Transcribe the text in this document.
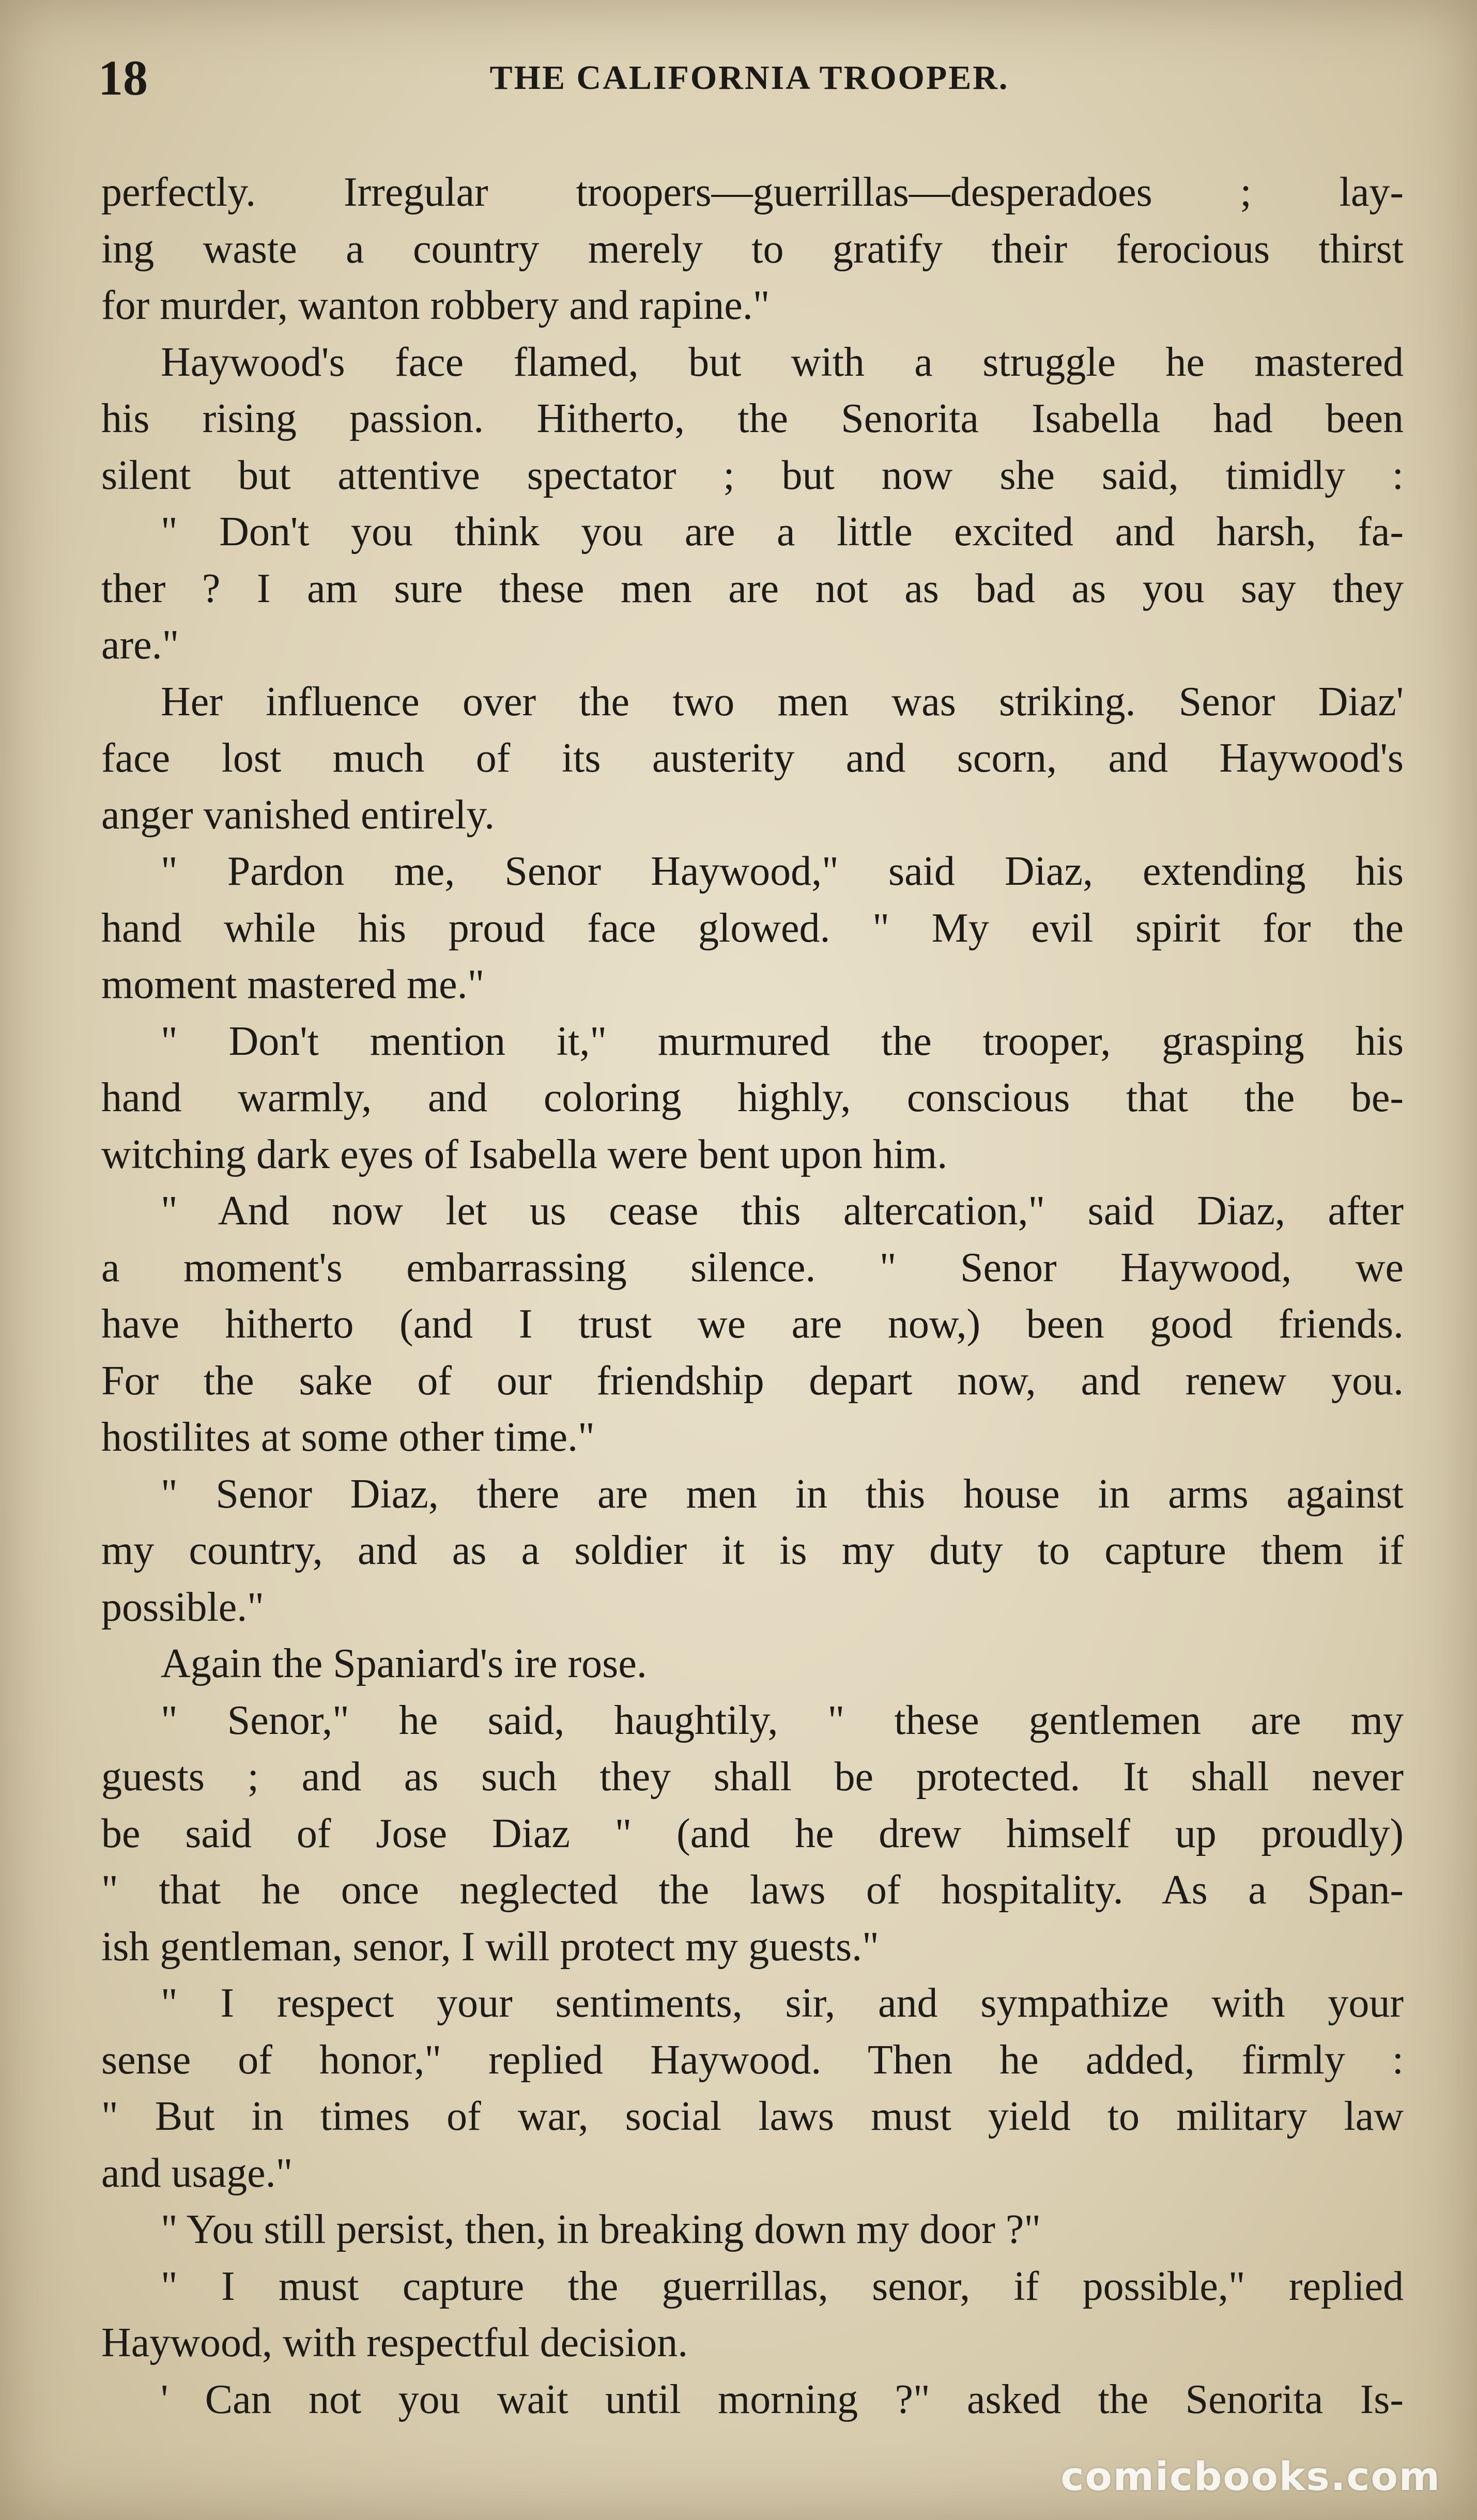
18	THE CALIFORNIA TROOPER.
perfectly. Irregular troopers—guerrillas—desperadoes ; lay-
ing waste a country merely to gratify their ferocious thirst
for murder, wanton robbery and rapine."
Haywood's face flamed, but with a struggle he mastered
his rising passion. Hitherto, the Senorita Isabella had been
silent but attentive spectator ; but now she said, timidly :
" Don't you think you are a little excited and harsh, fa-
ther ? I am sure these men are not as bad as you say they
are."
Her influence over the two men was striking. Senor Diaz'
face lost much of its austerity and scorn, and Haywood's
anger vanished entirely.
" Pardon me, Senor Haywood," said Diaz, extending his
hand while his proud face glowed. " My evil spirit for the
moment mastered me."
" Don't mention it," murmured the trooper, grasping his
hand warmly, and coloring highly, conscious that the be-
witching dark eyes of Isabella were bent upon him.
" And now let us cease this altercation," said Diaz, after
a moment's embarrassing silence. " Senor Haywood, we
have hitherto (and I trust we are now,) been good friends.
For the sake of our friendship depart now, and renew you.
hostilites at some other time."
" Senor Diaz, there are men in this house in arms against
my country, and as a soldier it is my duty to capture them if
possible."
Again the Spaniard's ire rose.
" Senor," he said, haughtily, " these gentlemen are my
guests ; and as such they shall be protected. It shall never
be said of Jose Diaz " (and he drew himself up proudly)
" that he once neglected the laws of hospitality. As a Span-
ish gentleman, senor, I will protect my guests."
" I respect your sentiments, sir, and sympathize with your
sense of honor," replied Haywood. Then he added, firmly :
" But in times of war, social laws must yield to military law
and usage."
" You still persist, then, in breaking down my door ?"
" I must capture the guerrillas, senor, if possible," replied
Haywood, with respectful decision.
' Can not you wait until morning ?" asked the Senorita Is-
comicbooks.com
